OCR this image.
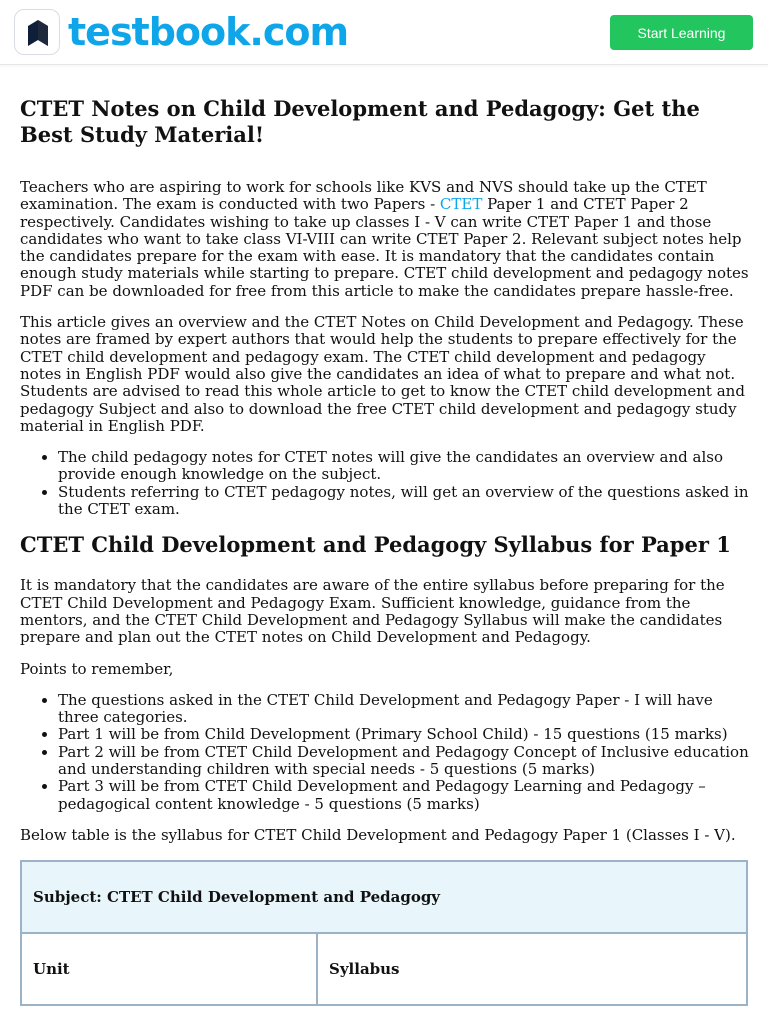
testbook.com	Start Learning
CTET Notes on Child Development and Pedagogy: Get the Best Study Material!

Teachers who are aspiring to work for schools like KVS and NVS should take up the CTET examination. The exam is conducted with two Papers - CTET Paper 1 and CTET Paper 2 respectively. Candidates wishing to take up classes I - V can write CTET Paper 1 and those candidates who want to take class VI-VIII can write CTET Paper 2. Relevant subject notes help the candidates prepare for the exam with ease. It is mandatory that the candidates contain enough study materials while starting to prepare. CTET child development and pedagogy notes PDF can be downloaded for free from this article to make the candidates prepare hassle-free.

This article gives an overview and the CTET Notes on Child Development and Pedagogy. These notes are framed by expert authors that would help the students to prepare effectively for the CTET child development and pedagogy exam. The CTET child development and pedagogy notes in English PDF would also give the candidates an idea of what to prepare and what not. Students are advised to read this whole article to get to know the CTET child development and pedagogy Subject and also to download the free CTET child development and pedagogy study material in English PDF.

• The child pedagogy notes for CTET notes will give the candidates an overview and also provide enough knowledge on the subject.
• Students referring to CTET pedagogy notes, will get an overview of the questions asked in the CTET exam.
CTET Child Development and Pedagogy Syllabus for Paper 1

It is mandatory that the candidates are aware of the entire syllabus before preparing for the CTET Child Development and Pedagogy Exam. Sufficient knowledge, guidance from the mentors, and the CTET Child Development and Pedagogy Syllabus will make the candidates prepare and plan out the CTET notes on Child Development and Pedagogy.

Points to remember,

• The questions asked in the CTET Child Development and Pedagogy Paper - I will have three categories.
• Part 1 will be from Child Development (Primary School Child) - 15 questions (15 marks)
• Part 2 will be from CTET Child Development and Pedagogy Concept of Inclusive education and understanding children with special needs - 5 questions (5 marks)
• Part 3 will be from CTET Child Development and Pedagogy Learning and Pedagogy – pedagogical content knowledge - 5 questions (5 marks)

Below table is the syllabus for CTET Child Development and Pedagogy Paper 1 (Classes I - V).

Subject: CTET Child Development and Pedagogy
Unit	Syllabus
